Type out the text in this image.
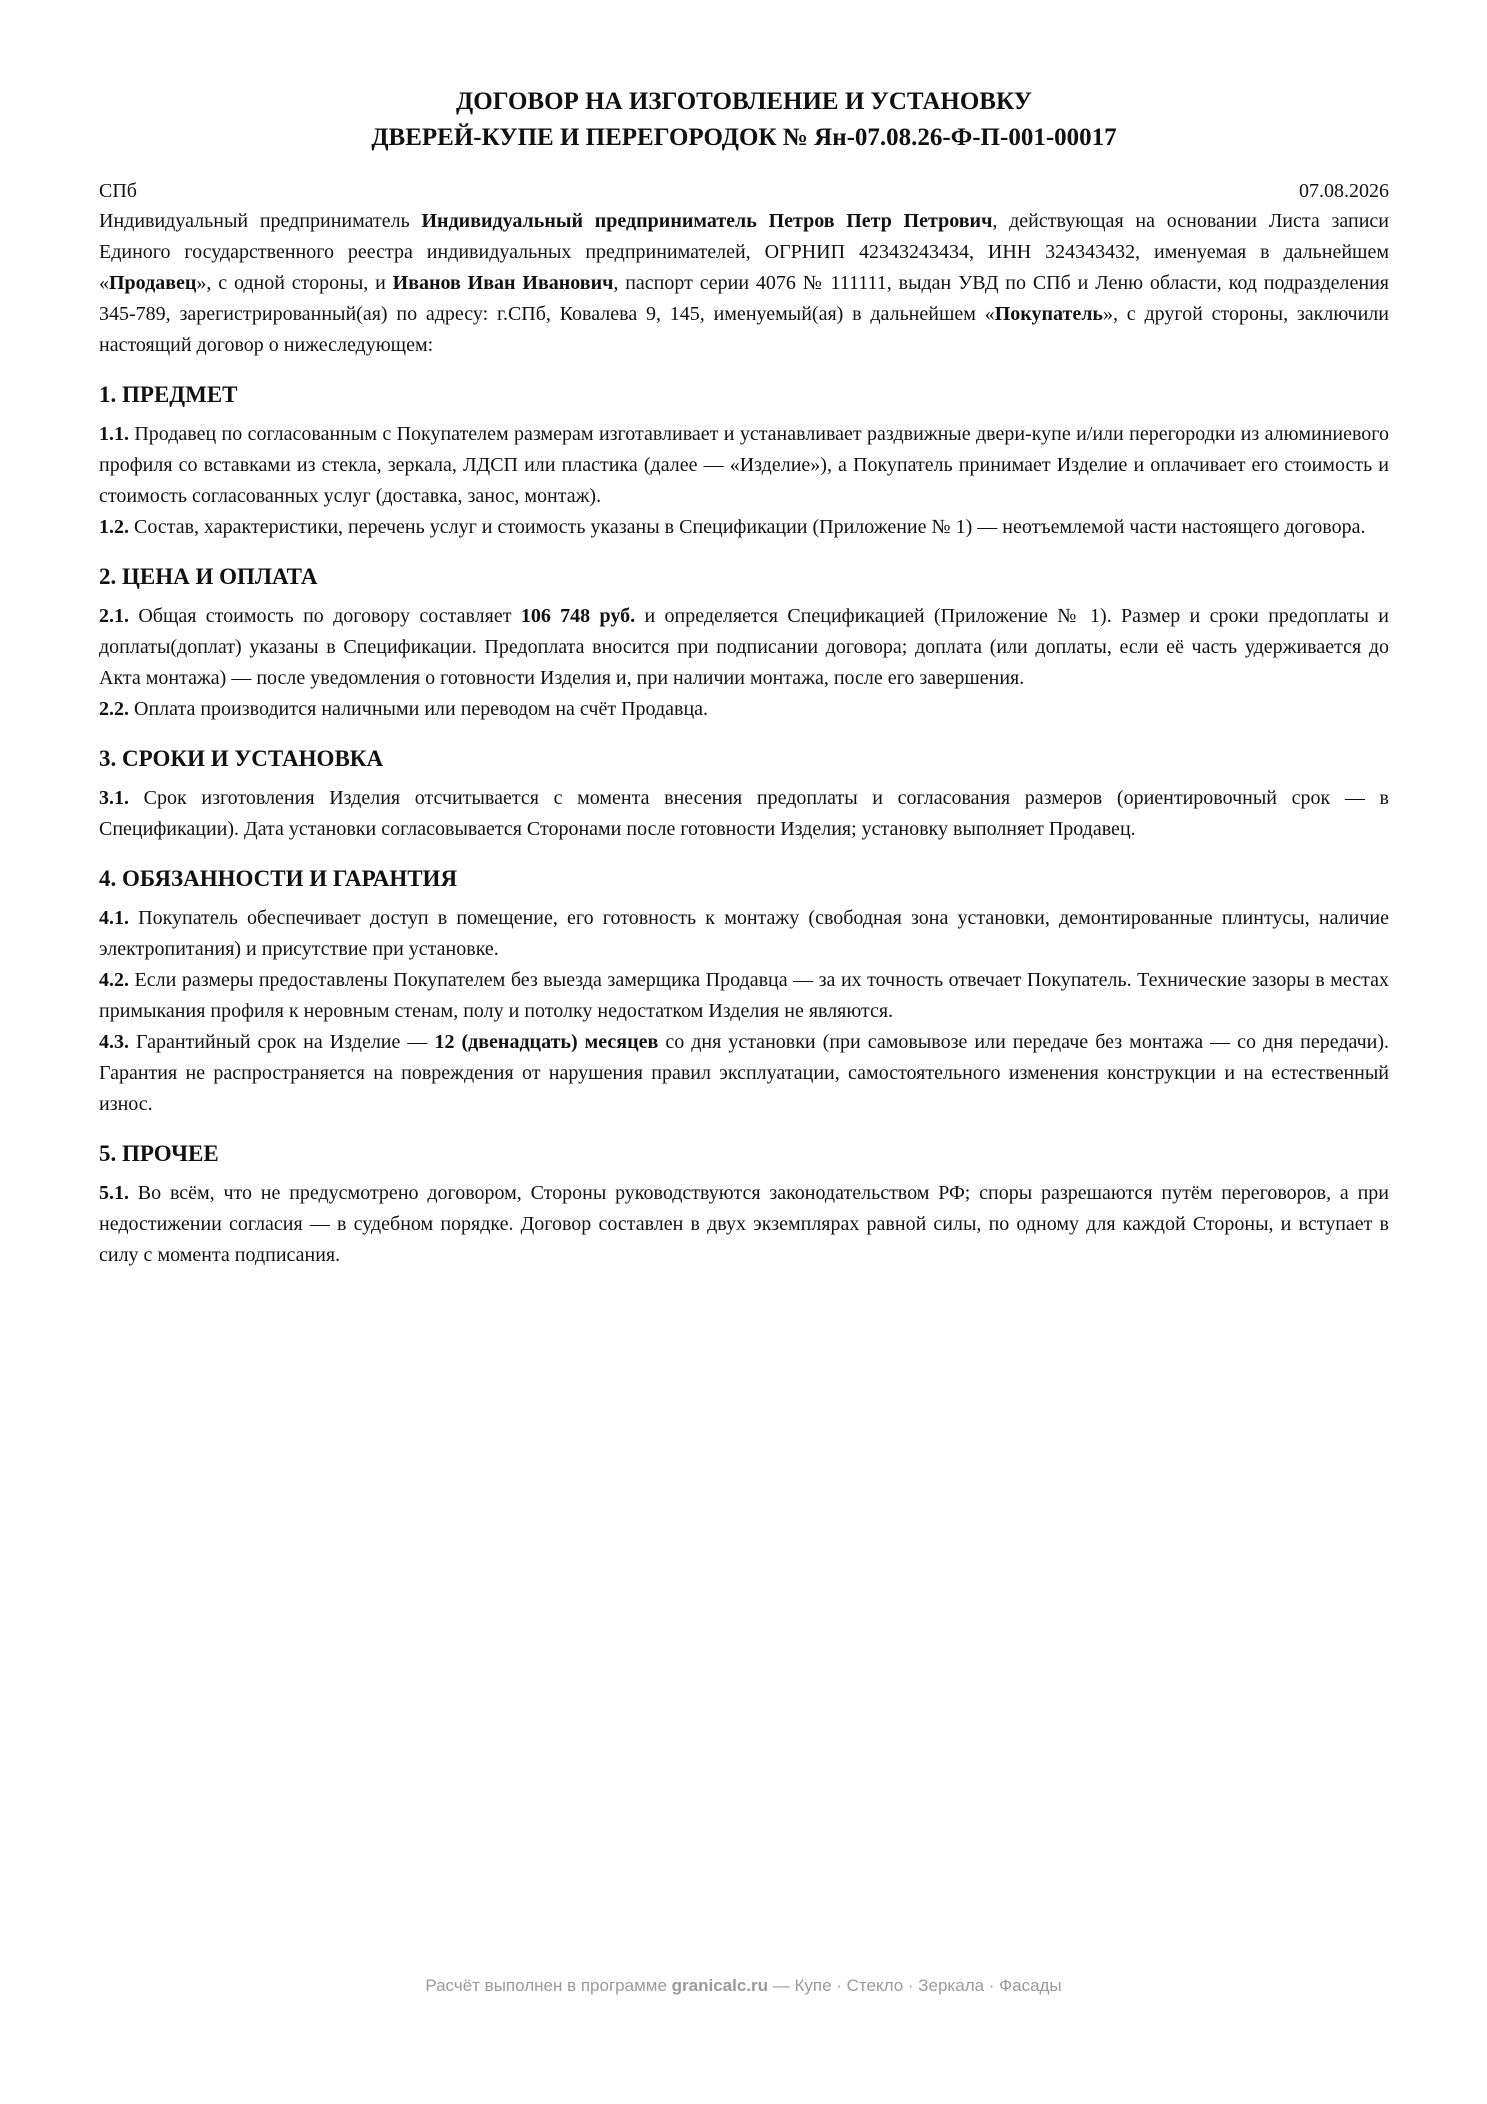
ДОГОВОР НА ИЗГОТОВЛЕНИЕ И УСТАНОВКУ
ДВЕРЕЙ-КУПЕ И ПЕРЕГОРОДОК № Ян-07.08.26-Ф-П-001-00017
СПб	07.08.2026

Индивидуальный предприниматель Индивидуальный предприниматель Петров Петр Петрович, действующая на основании Листа записи Единого государственного реестра индивидуальных предпринимателей, ОГРНИП 42343243434, ИНН 324343432, именуемая в дальнейшем «Продавец», с одной стороны, и Иванов Иван Иванович, паспорт серии 4076 № 111111, выдан УВД по СПб и Леню области, код подразделения 345-789, зарегистрированный(ая) по адресу: г.СПб, Ковалева 9, 145, именуемый(ая) в дальнейшем «Покупатель», с другой стороны, заключили настоящий договор о нижеследующем:

1. ПРЕДМЕТ

1.1. Продавец по согласованным с Покупателем размерам изготавливает и устанавливает раздвижные двери-купе и/или перегородки из алюминиевого профиля со вставками из стекла, зеркала, ЛДСП или пластика (далее — «Изделие»), а Покупатель принимает Изделие и оплачивает его стоимость и стоимость согласованных услуг (доставка, занос, монтаж).

1.2. Состав, характеристики, перечень услуг и стоимость указаны в Спецификации (Приложение № 1) — неотъемлемой части настоящего договора.

2. ЦЕНА И ОПЛАТА

2.1. Общая стоимость по договору составляет 106 748 руб. и определяется Спецификацией (Приложение № 1). Размер и сроки предоплаты и доплаты(доплат) указаны в Спецификации. Предоплата вносится при подписании договора; доплата (или доплаты, если её часть удерживается до Акта монтажа) — после уведомления о готовности Изделия и, при наличии монтажа, после его завершения.

2.2. Оплата производится наличными или переводом на счёт Продавца.

3. СРОКИ И УСТАНОВКА

3.1. Срок изготовления Изделия отсчитывается с момента внесения предоплаты и согласования размеров (ориентировочный срок — в Спецификации). Дата установки согласовывается Сторонами после готовности Изделия; установку выполняет Продавец.

4. ОБЯЗАННОСТИ И ГАРАНТИЯ

4.1. Покупатель обеспечивает доступ в помещение, его готовность к монтажу (свободная зона установки, демонтированные плинтусы, наличие электропитания) и присутствие при установке.

4.2. Если размеры предоставлены Покупателем без выезда замерщика Продавца — за их точность отвечает Покупатель. Технические зазоры в местах примыкания профиля к неровным стенам, полу и потолку недостатком Изделия не являются.

4.3. Гарантийный срок на Изделие — 12 (двенадцать) месяцев со дня установки (при самовывозе или передаче без монтажа — со дня передачи). Гарантия не распространяется на повреждения от нарушения правил эксплуатации, самостоятельного изменения конструкции и на естественный износ.

5. ПРОЧЕЕ

5.1. Во всём, что не предусмотрено договором, Стороны руководствуются законодательством РФ; споры разрешаются путём переговоров, а при недостижении согласия — в судебном порядке. Договор составлен в двух экземплярах равной силы, по одному для каждой Стороны, и вступает в силу с момента подписания.

Расчёт выполнен в программе granicalc.ru — Купе · Стекло · Зеркала · Фасады
